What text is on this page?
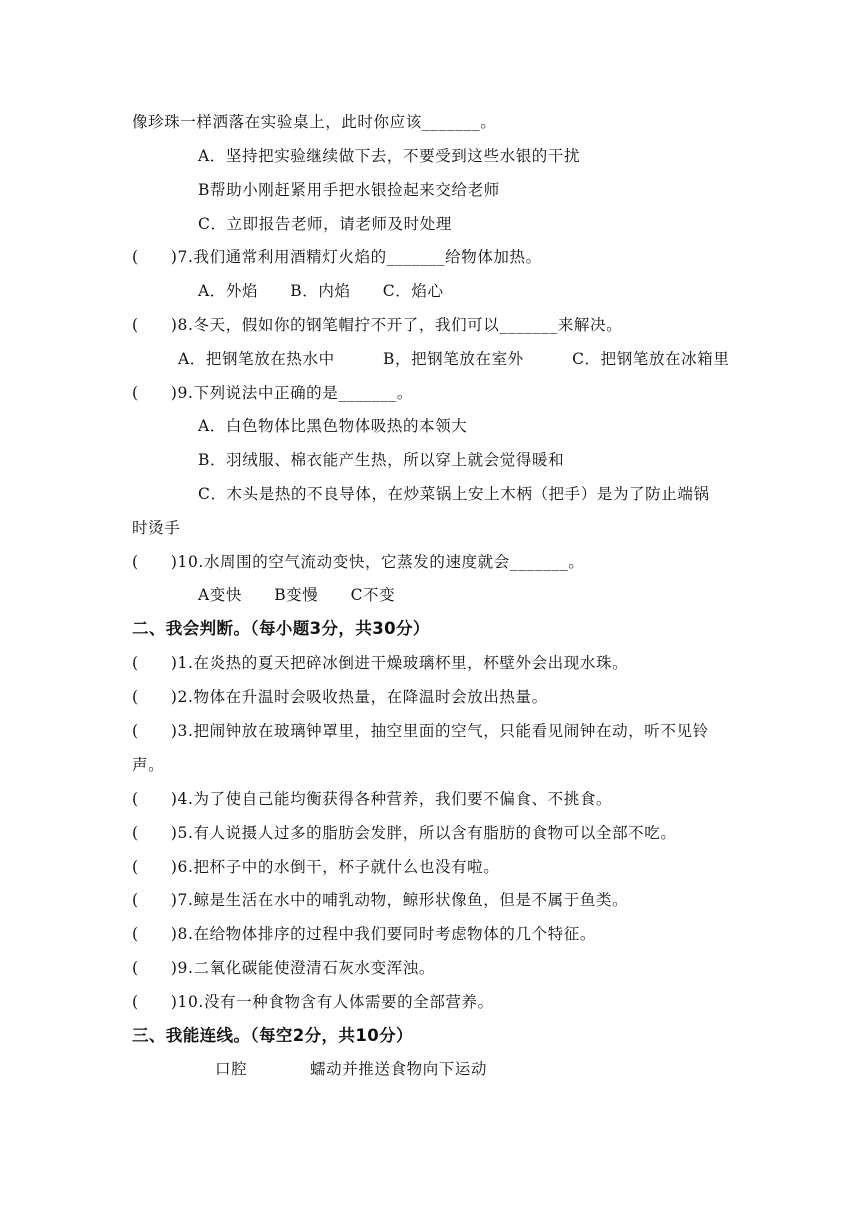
像珍珠一样洒落在实验桌上，此时你应该_______。
A．坚持把实验继续做下去，不要受到这些水银的干扰
B帮助小刚赶紧用手把水银捡起来交给老师
C．立即报告老师，请老师及时处理
(　　)7.我们通常利用酒精灯火焰的_______给物体加热。
A．外焰　　B．内焰　　C．焰心
(　　)8.冬天，假如你的钢笔帽拧不开了，我们可以_______来解决。
A．把钢笔放在热水中　　　B，把钢笔放在室外　　　C．把钢笔放在冰箱里
(　　)9.下列说法中正确的是_______。
A．白色物体比黑色物体吸热的本领大
B．羽绒服、棉衣能产生热，所以穿上就会觉得暖和
C．木头是热的不良导体，在炒菜锅上安上木柄（把手）是为了防止端锅
时烫手
(　　)10.水周围的空气流动变快，它蒸发的速度就会_______。
A变快　　B变慢　　C不变
二、我会判断。（每小题3分，共30分）
(　　)1.在炎热的夏天把碎冰倒进干燥玻璃杯里，杯壁外会出现水珠。
(　　)2.物体在升温时会吸收热量，在降温时会放出热量。
(　　)3.把闹钟放在玻璃钟罩里，抽空里面的空气，只能看见闹钟在动，听不见铃
声。
(　　)4.为了使自己能均衡获得各种营养，我们要不偏食、不挑食。
(　　)5.有人说摄人过多的脂肪会发胖，所以含有脂肪的食物可以全部不吃。
(　　)6.把杯子中的水倒干，杯子就什么也没有啦。
(　　)7.鲸是生活在水中的哺乳动物，鲸形状像鱼，但是不属于鱼类。
(　　)8.在给物体排序的过程中我们要同时考虑物体的几个特征。
(　　)9.二氧化碳能使澄清石灰水变浑浊。
(　　)10.没有一种食物含有人体需要的全部营养。
三、我能连线。（每空2分，共10分）
口腔	蠕动并推送食物向下运动
